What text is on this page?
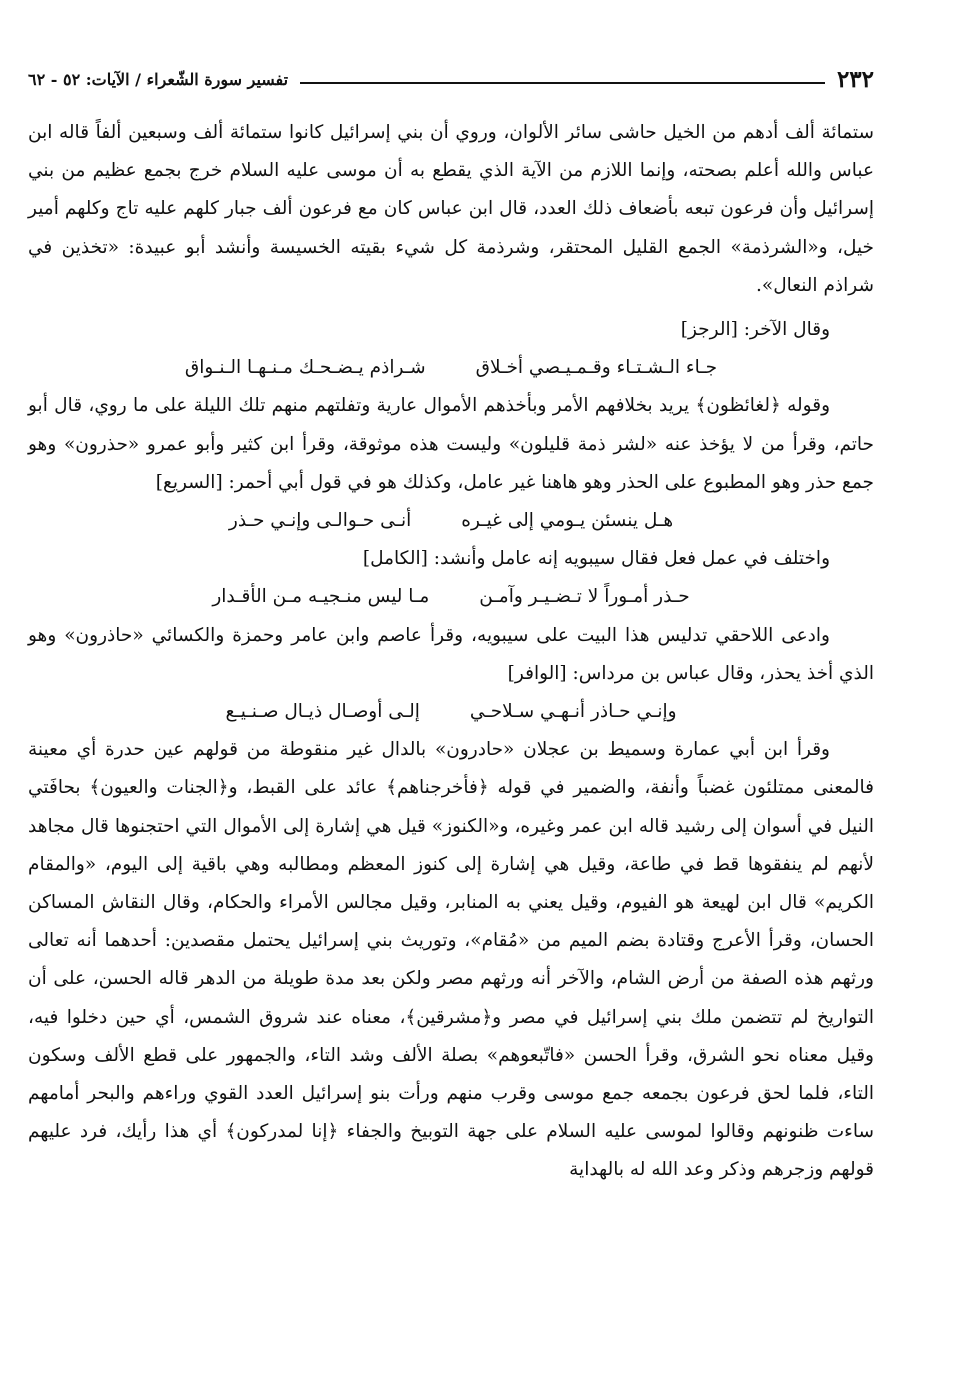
٢٣٢
تفسير سورة الشّعراء / الآيات: ٥٢ - ٦٢

ستمائة ألف أدهم من الخيل حاشى سائر الألوان، وروي أن بني إسرائيل كانوا ستمائة ألف وسبعين ألفاً قاله ابن عباس والله أعلم بصحته، وإنما اللازم من الآية الذي يقطع به أن موسى عليه السلام خرج بجمع عظيم من بني إسرائيل وأن فرعون تبعه بأضعاف ذلك العدد، قال ابن عباس كان مع فرعون ألف جبار كلهم عليه تاج وكلهم أمير خيل، و«الشرذمة» الجمع القليل المحتقر، وشرذمة كل شيء بقيته الخسيسة وأنشد أبو عبيدة: «تخذين في شراذم النعال».

وقال الآخر: [الرجز]

جـاء الـشـتـاء وقـمـيـصي أخـلاق
شـراذم يـضـحـك مـنـهـا الـنـواق

وقوله ﴿لغائظون﴾ يريد بخلافهم الأمر وبأخذهم الأموال عارية وتفلتهم منهم تلك الليلة على ما روي، قال أبو حاتم، وقرأ من لا يؤخذ عنه «لشر ذمة قليلون» وليست هذه موثوقة، وقرأ ابن كثير وأبو عمرو «حذرون» وهو جمع حذر وهو المطبوع على الحذر وهو هاهنا غير عامل، وكذلك هو في قول أبي أحمر: [السريع]

هـل ينسئن يـومي إلى غيـره
أنـى حـوالـى وإنـي حـذر

واختلف في عمل فعل فقال سيبويه إنه عامل وأنشد: [الكامل]

حـذر أمـوراً لا تـضـيـر وآمـن
مـا ليس منـجيـه مـن الأقـدار

وادعى اللاحقي تدليس هذا البيت على سيبويه، وقرأ عاصم وابن عامر وحمزة والكسائي «حاذرون» وهو الذي أخذ يحذر، وقال عباس بن مرداس: [الوافر]

وإنـي حـاذر أنـهـي سـلاحـي
إلـى أوصـال ذيـال صـنـيـع

وقرأ ابن أبي عمارة وسميط بن عجلان «حادرون» بالدال غير منقوطة من قولهم عين حدرة أي معينة فالمعنى ممتلئون غضباً وأنفة، والضمير في قوله ﴿فأخرجناهم﴾ عائد على القبط، و﴿الجنات والعيون﴾ بحافَتي النيل في أسوان إلى رشيد قاله ابن عمر وغيره، و«الكنوز» قيل هي إشارة إلى الأموال التي احتجنوها قال مجاهد لأنهم لم ينفقوها قط في طاعة، وقيل هي إشارة إلى كنوز المعظم ومطالبه وهي باقية إلى اليوم، «والمقام الكريم» قال ابن لهيعة هو الفيوم، وقيل يعني به المنابر، وقيل مجالس الأمراء والحكام، وقال النقاش المساكن الحسان، وقرأ الأعرج وقتادة بضم الميم من «مُقام»، وتوريث بني إسرائيل يحتمل مقصدين: أحدهما أنه تعالى ورثهم هذه الصفة من أرض الشام، والآخر أنه ورثهم مصر ولكن بعد مدة طويلة من الدهر قاله الحسن، على أن التواريخ لم تتضمن ملك بني إسرائيل في مصر و﴿مشرقين﴾، معناه عند شروق الشمس، أي حين دخلوا فيه، وقيل معناه نحو الشرق، وقرأ الحسن «فاتّبعوهم» بصلة الألف وشد التاء، والجمهور على قطع الألف وسكون التاء، فلما لحق فرعون بجمعه جمع موسى وقرب منهم ورأت بنو إسرائيل العدد القوي وراءهم والبحر أمامهم ساءت ظنونهم وقالوا لموسى عليه السلام على جهة التوبيخ والجفاء ﴿إنا لمدركون﴾ أي هذا رأيك، فرد عليهم قولهم وزجرهم وذكر وعد الله له بالهداية
